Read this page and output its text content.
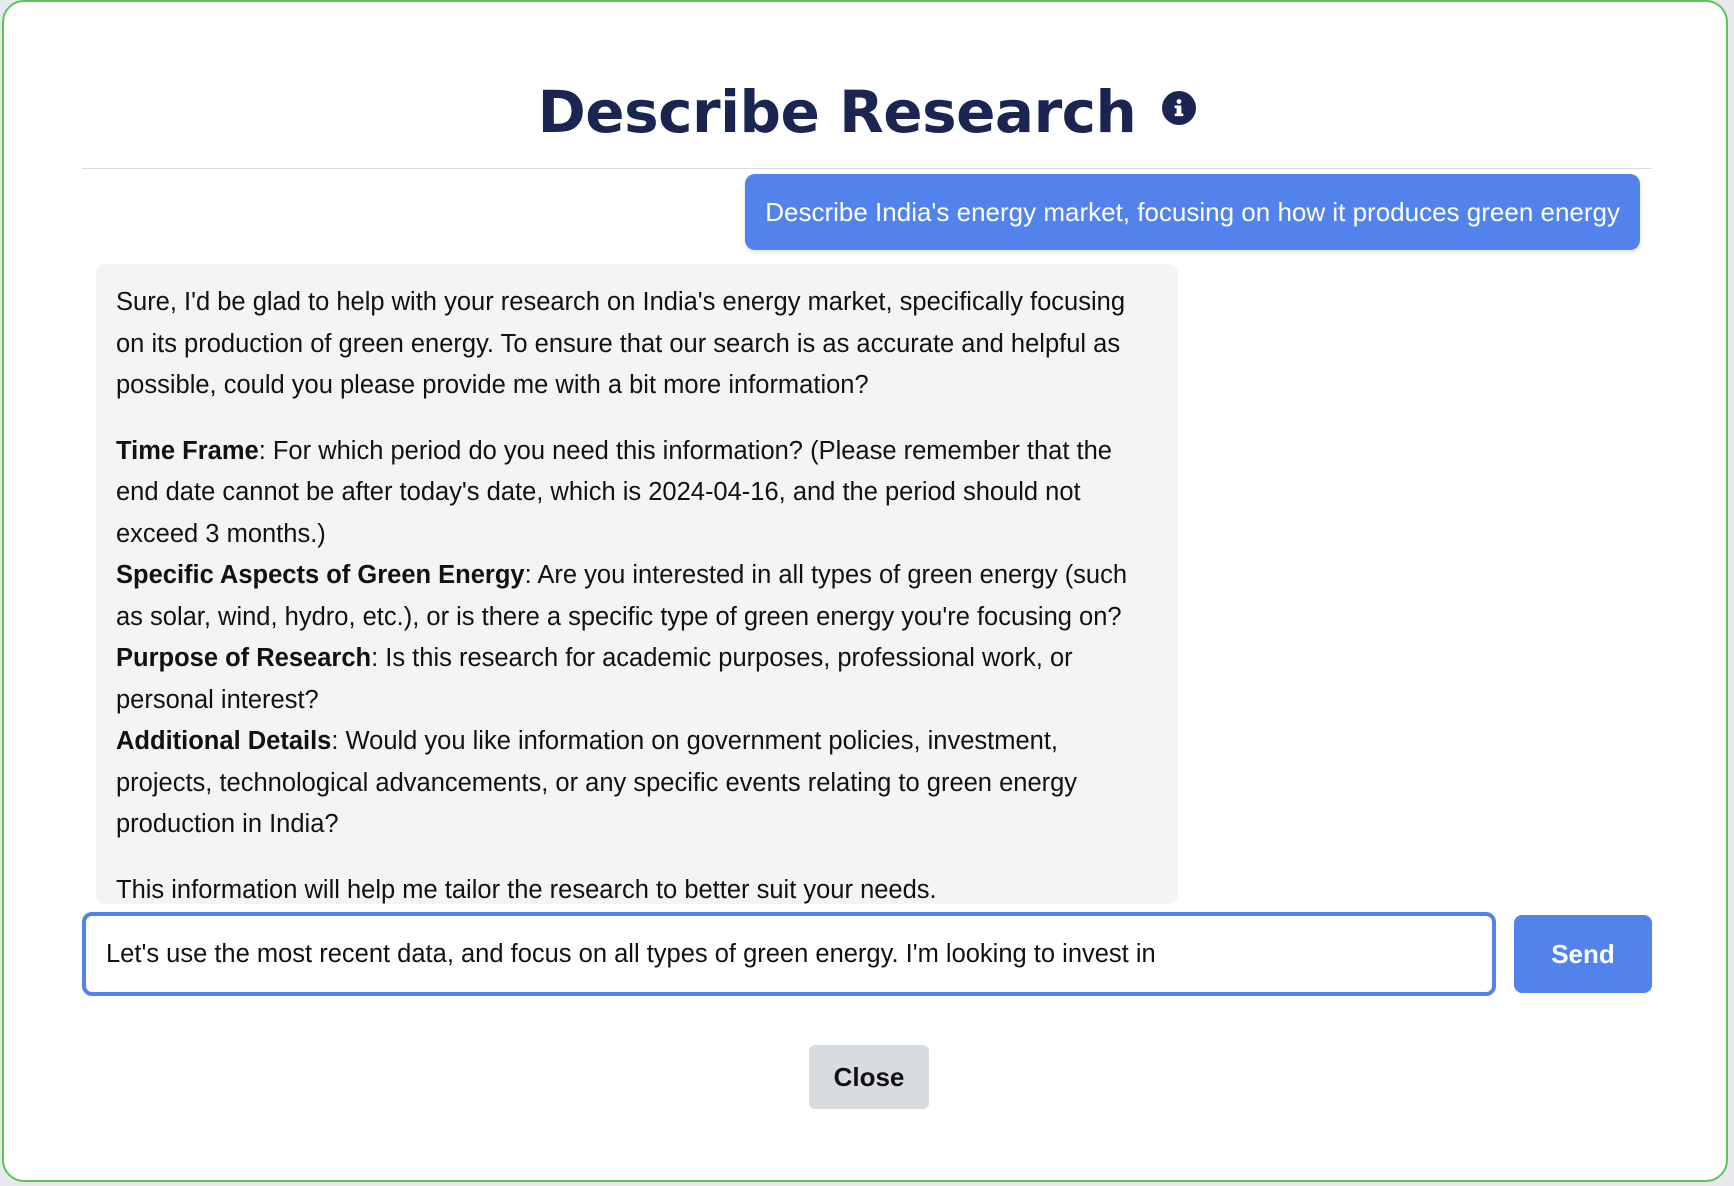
Describe Research
Describe India's energy market, focusing on how it produces green energy

Sure, I'd be glad to help with your research on India's energy market, specifically focusing on its production of green energy. To ensure that our search is as accurate and helpful as possible, could you please provide me with a bit more information?

Time Frame: For which period do you need this information? (Please remember that the end date cannot be after today's date, which is 2024-04-16, and the period should not exceed 3 months.)
Specific Aspects of Green Energy: Are you interested in all types of green energy (such as solar, wind, hydro, etc.), or is there a specific type of green energy you're focusing on?
Purpose of Research: Is this research for academic purposes, professional work, or personal interest?
Additional Details: Would you like information on government policies, investment, projects, technological advancements, or any specific events relating to green energy production in India?

This information will help me tailor the research to better suit your needs.

Let's use the most recent data, and focus on all types of green energy. I'm looking to invest in
Send
Close
